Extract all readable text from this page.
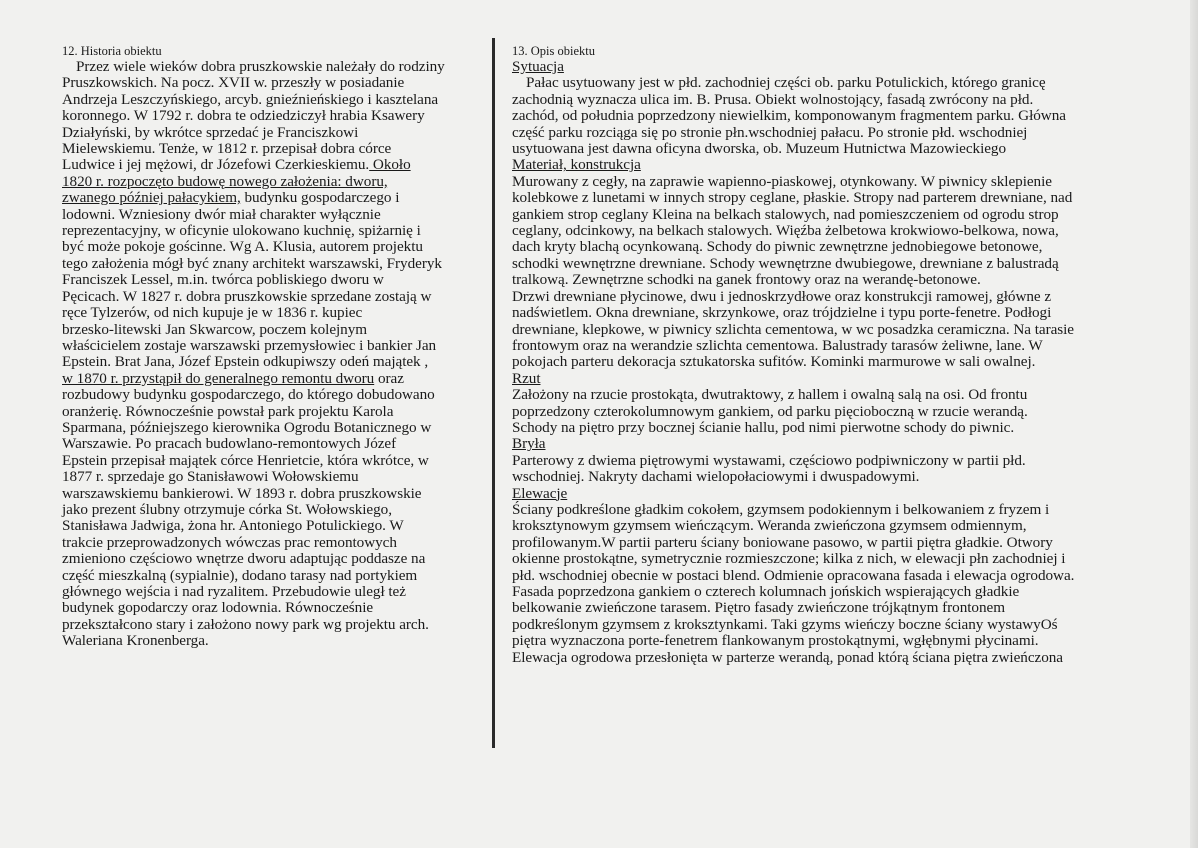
12. Historia obiektu
Przez wiele wieków dobra pruszkowskie należały do rodziny
Pruszkowskich. Na pocz. XVII w. przeszły w posiadanie
Andrzeja Leszczyńskiego, arcyb. gnieźnieńskiego i kasztelana
koronnego. W 1792 r. dobra te odziedziczył hrabia Ksawery
Działyński, by wkrótce sprzedać je Franciszkowi
Mielewskiemu. Tenże, w 1812 r. przepisał dobra córce
Ludwice i jej mężowi, dr Józefowi Czerkieskiemu. Około
1820 r. rozpoczęto budowę nowego założenia: dworu,
zwanego później pałacykiem, budynku gospodarczego i
lodowni. Wzniesiony dwór miał charakter wyłącznie
reprezentacyjny, w oficynie ulokowano kuchnię, spiżarnię i
być może pokoje gościnne. Wg A. Klusia, autorem projektu
tego założenia mógł być znany architekt warszawski, Fryderyk
Franciszek Lessel, m.in. twórca pobliskiego dworu w
Pęcicach. W 1827 r. dobra pruszkowskie sprzedane zostają w
ręce Tylzerów, od nich kupuje je w 1836 r. kupiec
brzesko-litewski Jan Skwarcow, poczem kolejnym
właścicielem zostaje warszawski przemysłowiec i bankier Jan
Epstein. Brat Jana, Józef Epstein odkupiwszy odeń majątek ,
w 1870 r. przystąpił do generalnego remontu dworu oraz
rozbudowy budynku gospodarczego, do którego dobudowano
oranżerię. Równocześnie powstał park projektu Karola
Sparmana, późniejszego kierownika Ogrodu Botanicznego w
Warszawie. Po pracach budowlano-remontowych Józef
Epstein przepisał majątek córce Henrietcie, która wkrótce, w
1877 r. sprzedaje go Stanisławowi Wołowskiemu
warszawskiemu bankierowi. W 1893 r. dobra pruszkowskie
jako prezent ślubny otrzymuje córka St. Wołowskiego,
Stanisława Jadwiga, żona hr. Antoniego Potulickiego. W
trakcie przeprowadzonych wówczas prac remontowych
zmieniono częściowo wnętrze dworu adaptując poddasze na
część mieszkalną (sypialnie), dodano tarasy nad portykiem
głównego wejścia i nad ryzalitem. Przebudowie uległ też
budynek gopodarczy oraz lodownia. Równocześnie
przekształcono stary i założono nowy park wg projektu arch.
Waleriana Kronenberga.
13. Opis obiektu
Sytuacja
Pałac usytuowany jest w płd. zachodniej części ob. parku Potulickich, którego granicę
zachodnią wyznacza ulica im. B. Prusa. Obiekt wolnostojący, fasadą zwrócony na płd.
zachód, od południa poprzedzony niewielkim, komponowanym fragmentem parku. Główna
część parku rozciąga się po stronie płn.wschodniej pałacu. Po stronie płd. wschodniej
usytuowana jest dawna oficyna dworska, ob. Muzeum Hutnictwa Mazowieckiego
Materiał, konstrukcja
Murowany z cegły, na zaprawie wapienno-piaskowej, otynkowany. W piwnicy sklepienie
kolebkowe z lunetami w innych stropy ceglane, płaskie. Stropy nad parterem drewniane, nad
gankiem strop ceglany Kleina na belkach stalowych, nad pomieszczeniem od ogrodu strop
ceglany, odcinkowy, na belkach stalowych. Więźba żelbetowa krokwiowo-belkowa, nowa,
dach kryty blachą ocynkowaną. Schody do piwnic zewnętrzne jednobiegowe betonowe,
schodki wewnętrzne drewniane. Schody wewnętrzne dwubiegowe, drewniane z balustradą
tralkową. Zewnętrzne schodki na ganek frontowy oraz na werandę-betonowe.
Drzwi drewniane płycinowe, dwu i jednoskrzydłowe oraz konstrukcji ramowej, główne z
nadświetlem. Okna drewniane, skrzynkowe, oraz trójdzielne i typu porte-fenetre. Podłogi
drewniane, klepkowe, w piwnicy szlichta cementowa, w wc posadzka ceramiczna. Na tarasie
frontowym oraz na werandzie szlichta cementowa. Balustrady tarasów żeliwne, lane. W
pokojach parteru dekoracja sztukatorska sufitów. Kominki marmurowe w sali owalnej.
Rzut
Założony na rzucie prostokąta, dwutraktowy, z hallem i owalną salą na osi. Od frontu
poprzedzony czterokolumnowym gankiem, od parku pięcioboczną w rzucie werandą.
Schody na piętro przy bocznej ścianie hallu, pod nimi pierwotne schody do piwnic.
Bryła
Parterowy z dwiema piętrowymi wystawami, częściowo podpiwniczony w partii płd.
wschodniej. Nakryty dachami wielopołaciowymi i dwuspadowymi.
Elewacje
Ściany podkreślone gładkim cokołem, gzymsem podokiennym i belkowaniem z fryzem i
kroksztynowym gzymsem wieńczącym. Weranda zwieńczona gzymsem odmiennym,
profilowanym.W partii parteru ściany boniowane pasowo, w partii piętra gładkie. Otwory
okienne prostokątne, symetrycznie rozmieszczone; kilka z nich, w elewacji płn zachodniej i
płd. wschodniej obecnie w postaci blend. Odmienie opracowana fasada i elewacja ogrodowa.
Fasada poprzedzona gankiem o czterech kolumnach jońskich wspierających gładkie
belkowanie zwieńczone tarasem. Piętro fasady zwieńczone trójkątnym frontonem
podkreślonym gzymsem z kroksztynkami. Taki gzyms wieńczy boczne ściany wystawyOś
piętra wyznaczona porte-fenetrem flankowanym prostokątnymi, wgłębnymi płycinami.
Elewacja ogrodowa przesłonięta w parterze werandą, ponad którą ściana piętra zwieńczona
